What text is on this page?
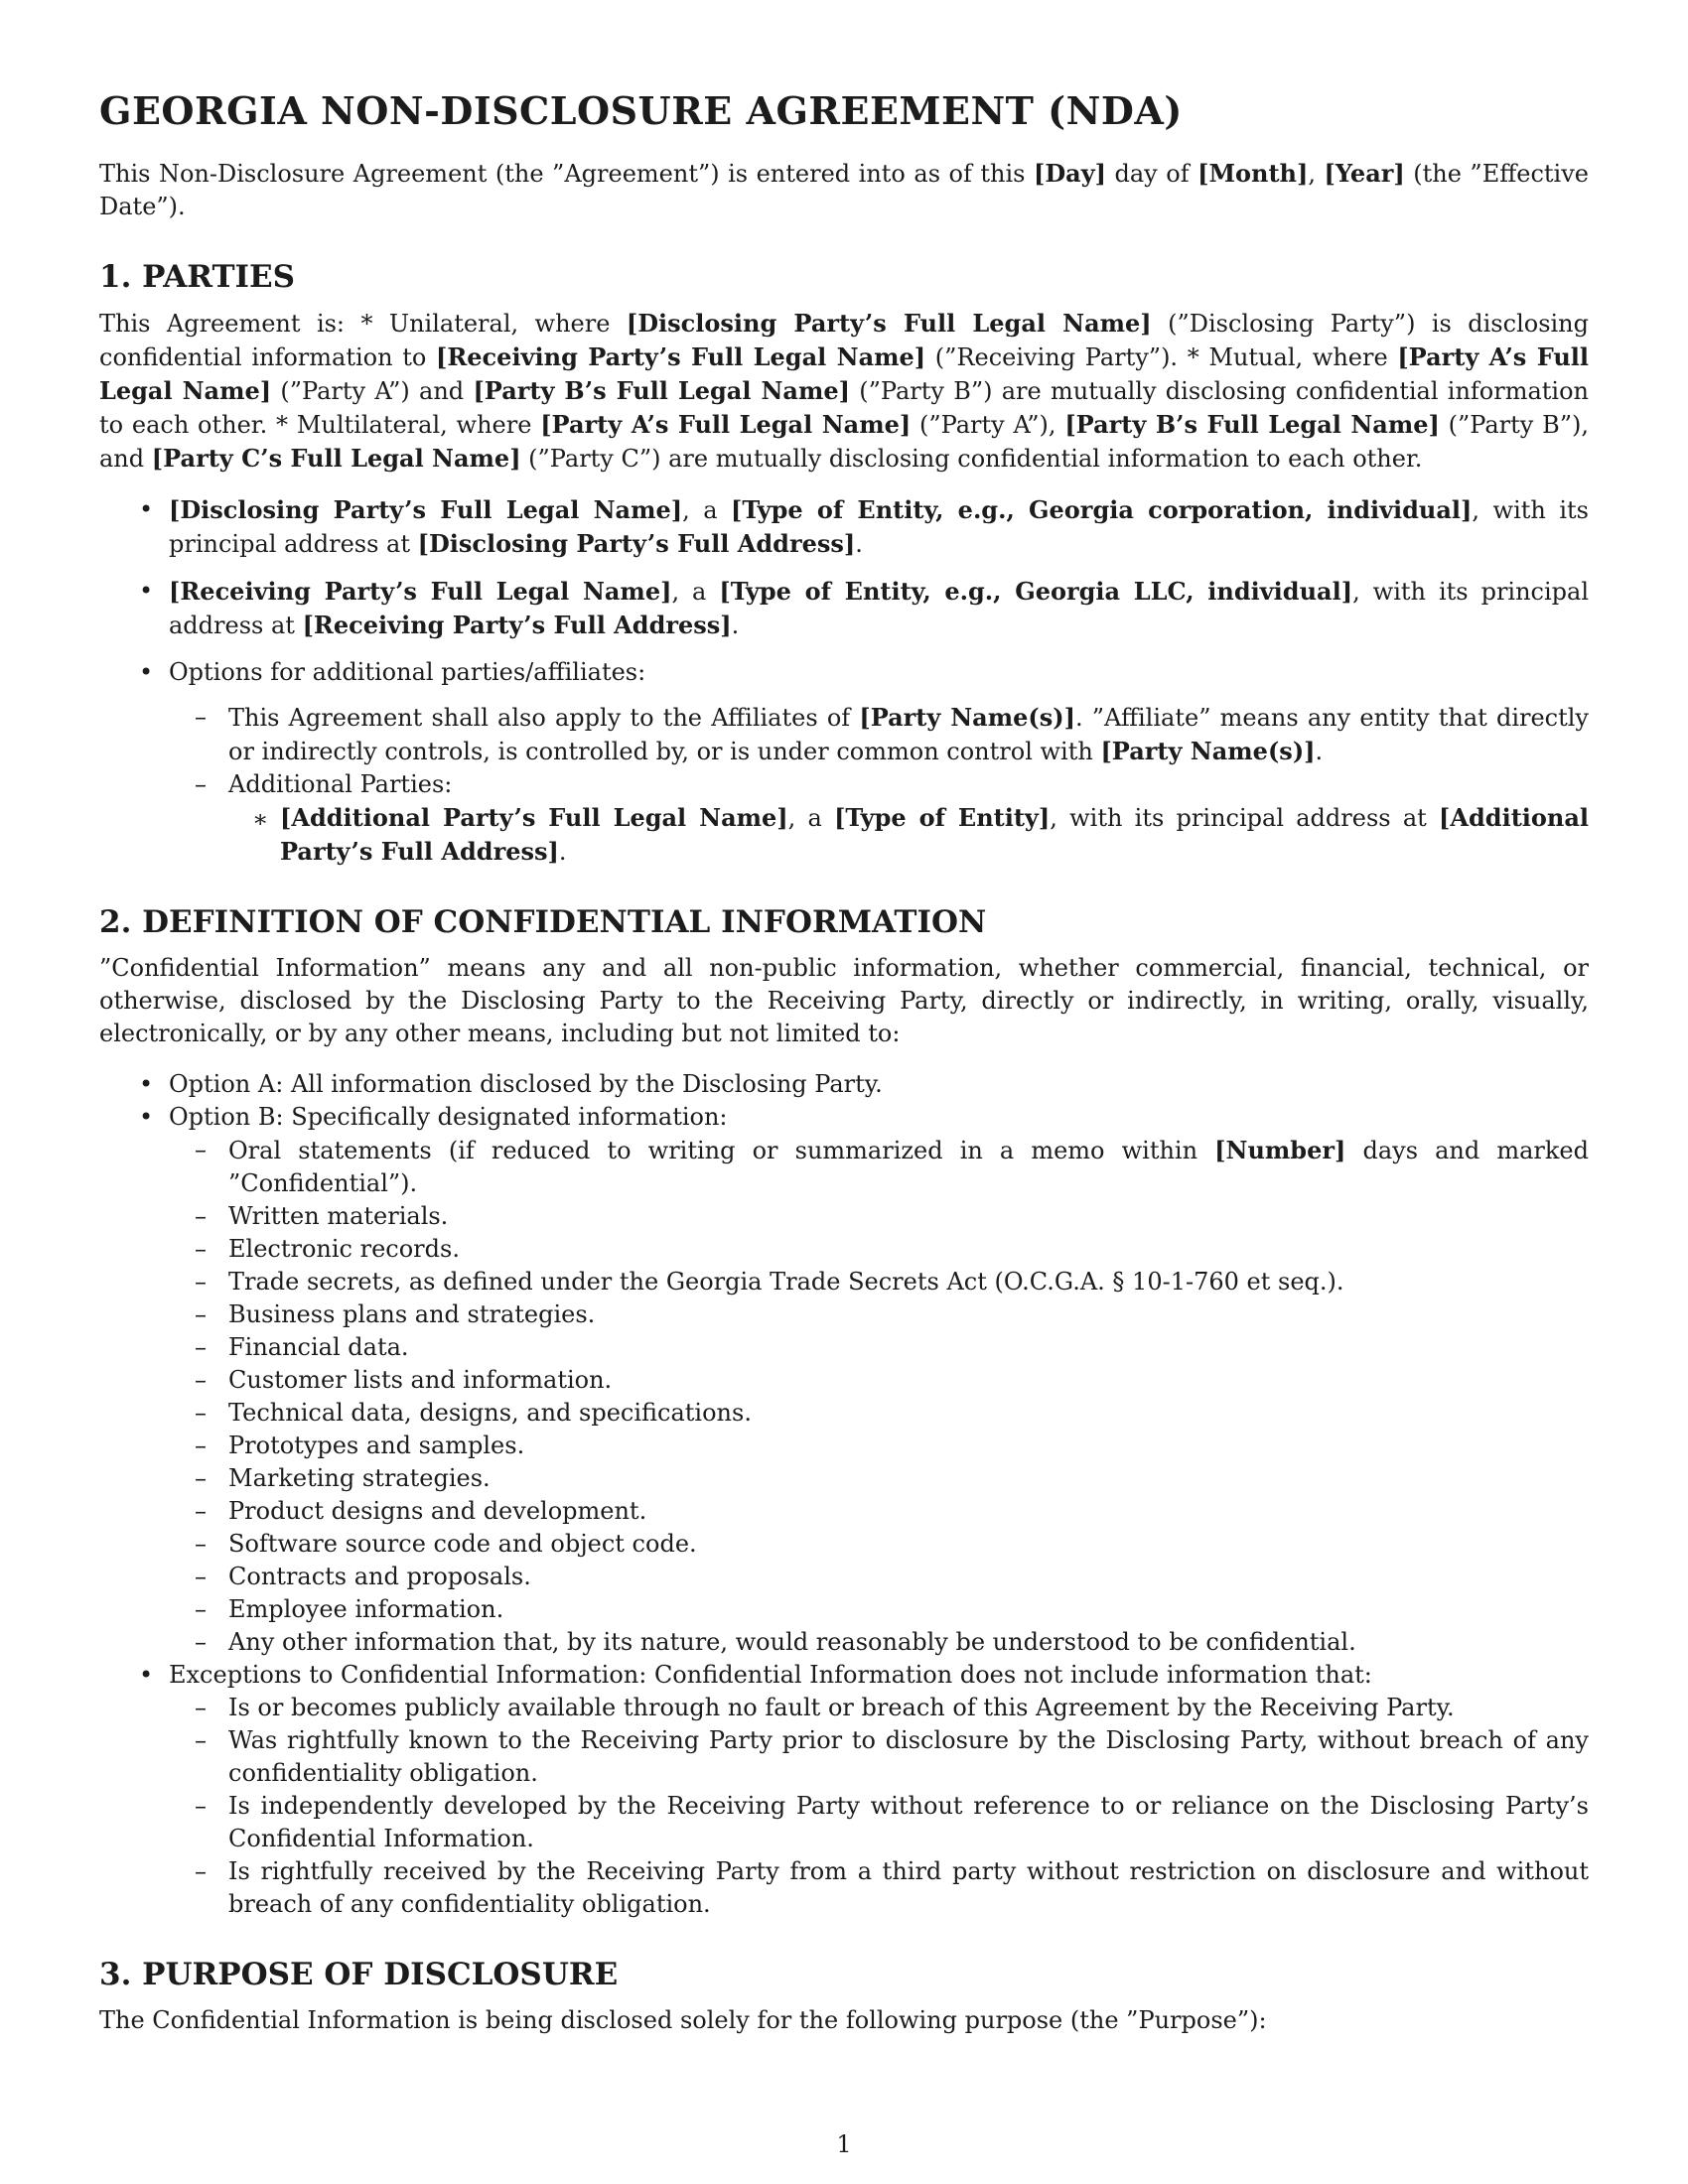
GEORGIA NON-DISCLOSURE AGREEMENT (NDA)

This Non-Disclosure Agreement (the ”Agreement”) is entered into as of this [Day] day of [Month], [Year] (the ”Effective Date”).

1. PARTIES

This Agreement is: * Unilateral, where [Disclosing Party’s Full Legal Name] (”Disclosing Party”) is disclosing confidential information to [Receiving Party’s Full Legal Name] (”Receiving Party”). * Mutual, where [Party A’s Full Legal Name] (”Party A”) and [Party B’s Full Legal Name] (”Party B”) are mutually disclosing confidential information to each other. * Multilateral, where [Party A’s Full Legal Name] (”Party A”), [Party B’s Full Legal Name] (”Party B”), and [Party C’s Full Legal Name] (”Party C”) are mutually disclosing confidential information to each other.

• [Disclosing Party’s Full Legal Name], a [Type of Entity, e.g., Georgia corporation, individual], with its principal address at [Disclosing Party’s Full Address].
• [Receiving Party’s Full Legal Name], a [Type of Entity, e.g., Georgia LLC, individual], with its principal address at [Receiving Party’s Full Address].
• Options for additional parties/affiliates:
– This Agreement shall also apply to the Affiliates of [Party Name(s)]. ”Affiliate” means any entity that directly or indirectly controls, is controlled by, or is under common control with [Party Name(s)].
– Additional Parties:
∗ [Additional Party’s Full Legal Name], a [Type of Entity], with its principal address at [Additional Party’s Full Address].
2. DEFINITION OF CONFIDENTIAL INFORMATION

”Confidential Information” means any and all non-public information, whether commercial, financial, technical, or otherwise, disclosed by the Disclosing Party to the Receiving Party, directly or indirectly, in writing, orally, visually, electronically, or by any other means, including but not limited to:

• Option A: All information disclosed by the Disclosing Party.
• Option B: Specifically designated information:
– Oral statements (if reduced to writing or summarized in a memo within [Number] days and marked ”Confidential”).
– Written materials.
– Electronic records.
– Trade secrets, as defined under the Georgia Trade Secrets Act (O.C.G.A. § 10-1-760 et seq.).
– Business plans and strategies.
– Financial data.
– Customer lists and information.
– Technical data, designs, and specifications.
– Prototypes and samples.
– Marketing strategies.
– Product designs and development.
– Software source code and object code.
– Contracts and proposals.
– Employee information.
– Any other information that, by its nature, would reasonably be understood to be confidential.
• Exceptions to Confidential Information: Confidential Information does not include information that:
– Is or becomes publicly available through no fault or breach of this Agreement by the Receiving Party.
– Was rightfully known to the Receiving Party prior to disclosure by the Disclosing Party, without breach of any confidentiality obligation.
– Is independently developed by the Receiving Party without reference to or reliance on the Disclosing Party’s Confidential Information.
– Is rightfully received by the Receiving Party from a third party without restriction on disclosure and without breach of any confidentiality obligation.
3. PURPOSE OF DISCLOSURE

The Confidential Information is being disclosed solely for the following purpose (the ”Purpose”):

1
